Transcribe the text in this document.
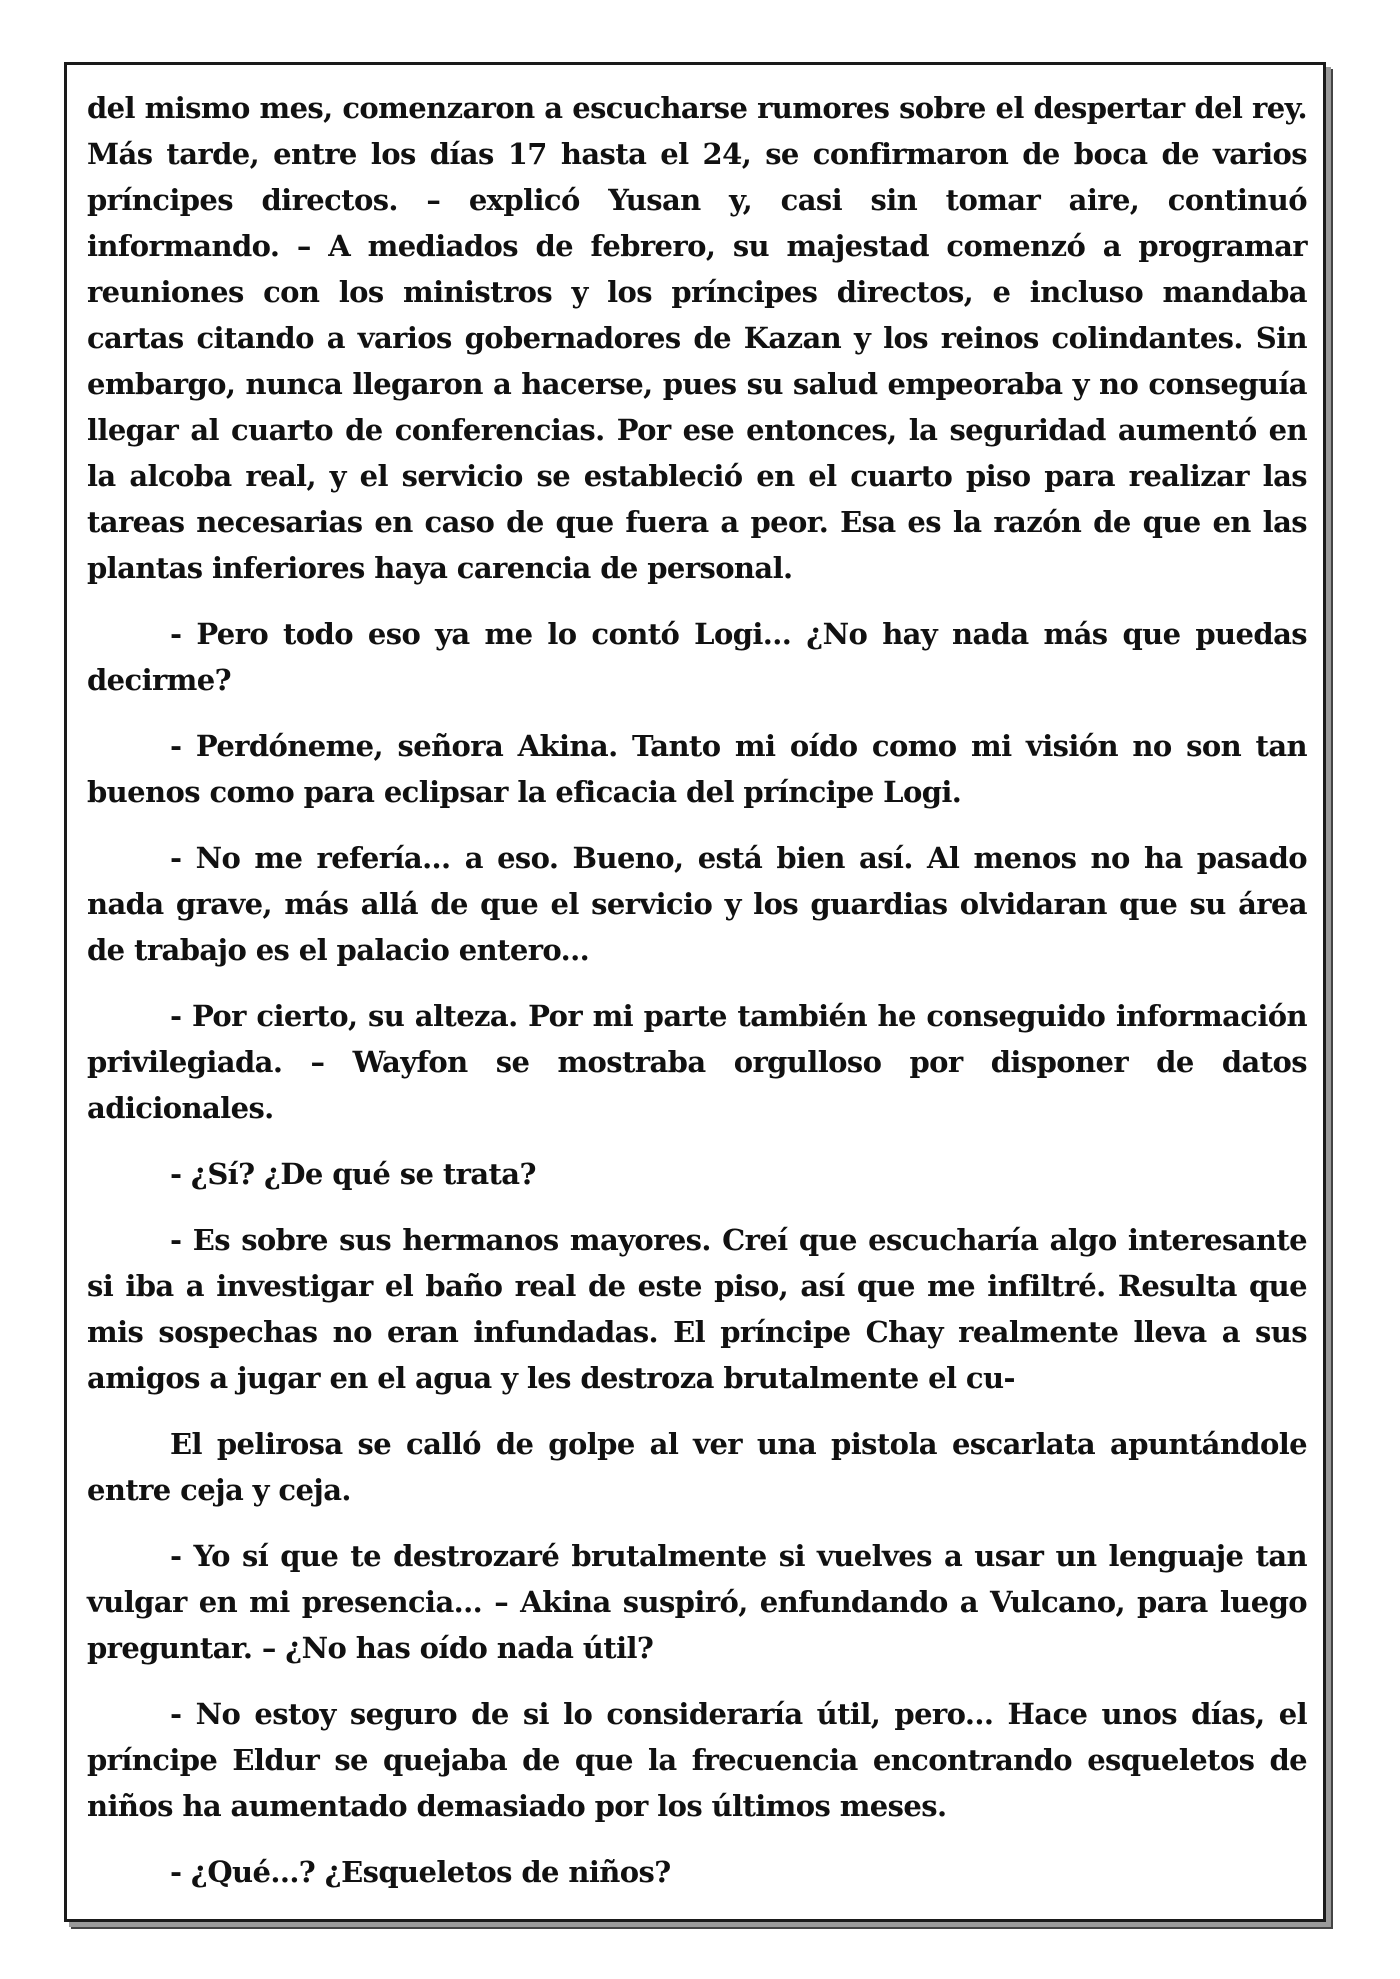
del mismo mes, comenzaron a escucharse rumores sobre el despertar del rey. Más tarde, entre los días 17 hasta el 24, se confirmaron de boca de varios príncipes directos. – explicó Yusan y, casi sin tomar aire, continuó informando. – A mediados de febrero, su majestad comenzó a programar reuniones con los ministros y los príncipes directos, e incluso mandaba cartas citando a varios gobernadores de Kazan y los reinos colindantes. Sin embargo, nunca llegaron a hacerse, pues su salud empeoraba y no conseguía llegar al cuarto de conferencias. Por ese entonces, la seguridad aumentó en la alcoba real, y el servicio se estableció en el cuarto piso para realizar las tareas necesarias en caso de que fuera a peor. Esa es la razón de que en las plantas inferiores haya carencia de personal.

- Pero todo eso ya me lo contó Logi... ¿No hay nada más que puedas decirme?

- Perdóneme, señora Akina. Tanto mi oído como mi visión no son tan buenos como para eclipsar la eficacia del príncipe Logi.

- No me refería... a eso. Bueno, está bien así. Al menos no ha pasado nada grave, más allá de que el servicio y los guardias olvidaran que su área de trabajo es el palacio entero...

- Por cierto, su alteza. Por mi parte también he conseguido información privilegiada. – Wayfon se mostraba orgulloso por disponer de datos adicionales.

- ¿Sí? ¿De qué se trata?

- Es sobre sus hermanos mayores. Creí que escucharía algo interesante si iba a investigar el baño real de este piso, así que me infiltré. Resulta que mis sospechas no eran infundadas. El príncipe Chay realmente lleva a sus amigos a jugar en el agua y les destroza brutalmente el cu-

El pelirosa se calló de golpe al ver una pistola escarlata apuntándole entre ceja y ceja.

- Yo sí que te destrozaré brutalmente si vuelves a usar un lenguaje tan vulgar en mi presencia... – Akina suspiró, enfundando a Vulcano, para luego preguntar. – ¿No has oído nada útil?

- No estoy seguro de si lo consideraría útil, pero... Hace unos días, el príncipe Eldur se quejaba de que la frecuencia encontrando esqueletos de niños ha aumentado demasiado por los últimos meses.

- ¿Qué...? ¿Esqueletos de niños?
